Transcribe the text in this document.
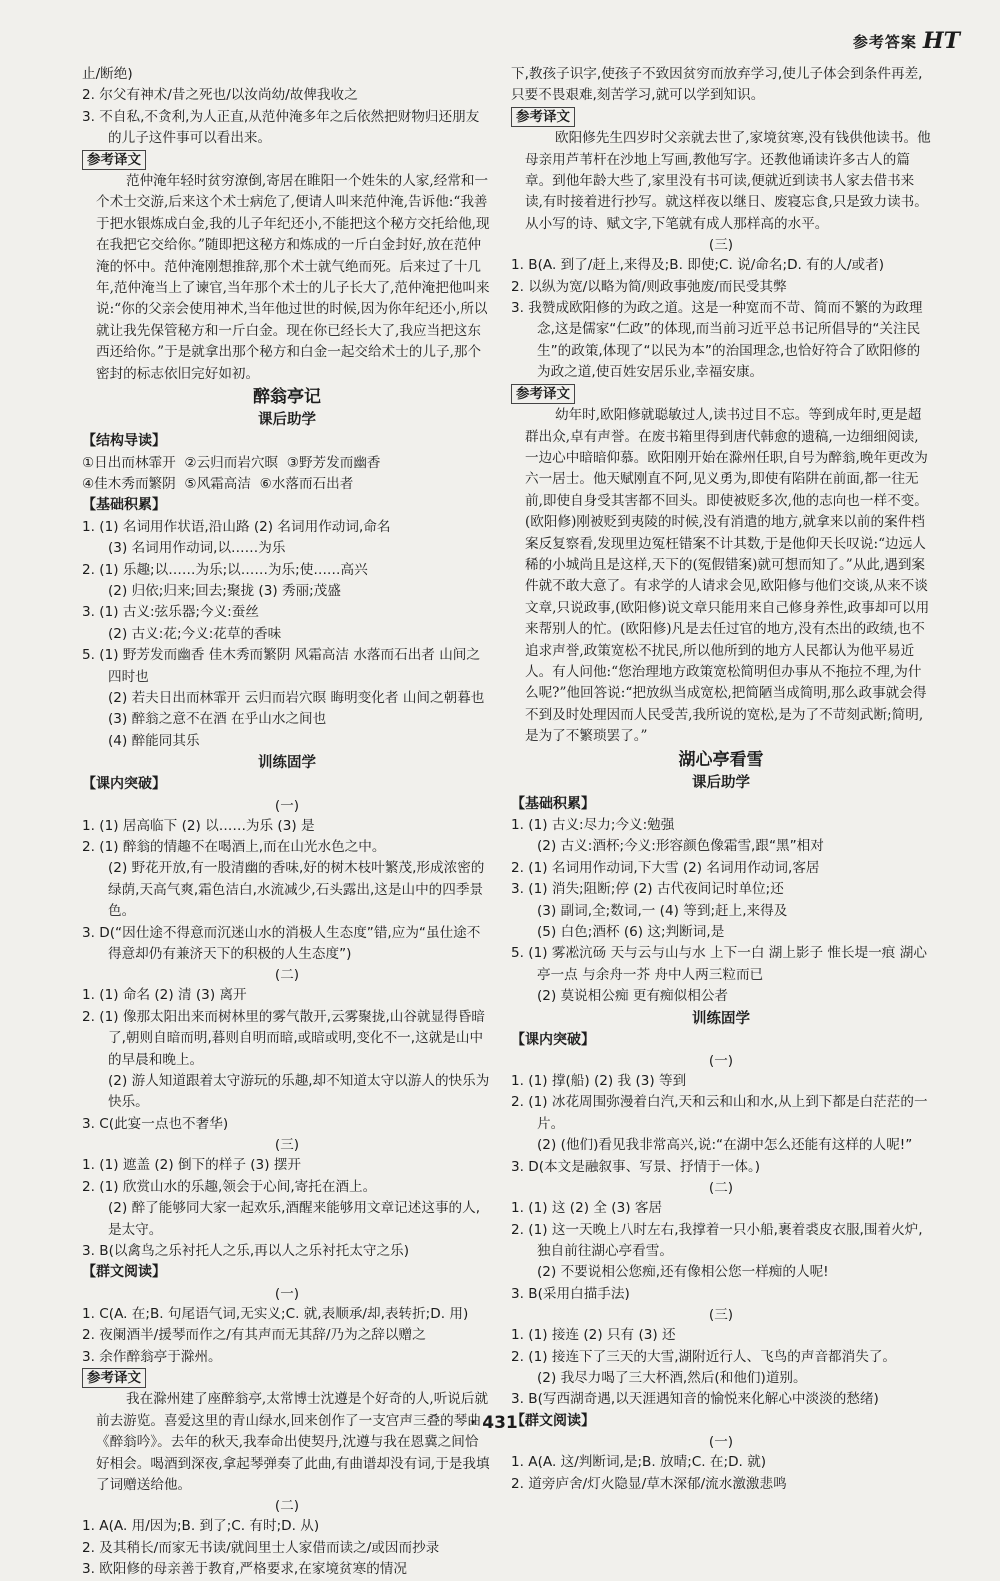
参考答案 HT

止/断绝)

2. 尔父有神术/昔之死也/以汝尚幼/故俾我收之

3. 不自私,不贪利,为人正直,从范仲淹多年之后依然把财物归还朋友的儿子这件事可以看出来。

参考译文

范仲淹年轻时贫穷潦倒,寄居在睢阳一个姓朱的人家,经常和一个术士交游,后来这个术士病危了,便请人叫来范仲淹,告诉他:“我善于把水银炼成白金,我的儿子年纪还小,不能把这个秘方交托给他,现在我把它交给你。”随即把这秘方和炼成的一斤白金封好,放在范仲淹的怀中。范仲淹刚想推辞,那个术士就气绝而死。后来过了十几年,范仲淹当上了谏官,当年那个术士的儿子长大了,范仲淹把他叫来说:“你的父亲会使用神术,当年他过世的时候,因为你年纪还小,所以就让我先保管秘方和一斤白金。现在你已经长大了,我应当把这东西还给你。”于是就拿出那个秘方和白金一起交给术士的儿子,那个密封的标志依旧完好如初。

醉翁亭记

课后助学

【结构导读】

①日出而林霏开  ②云归而岩穴暝  ③野芳发而幽香

④佳木秀而繁阴  ⑤风霜高洁  ⑥水落而石出者

【基础积累】

1. (1) 名词用作状语,沿山路 (2) 名词用作动词,命名

(3) 名词用作动词,以……为乐

2. (1) 乐趣;以……为乐;以……为乐;使……高兴

(2) 归依;归来;回去;聚拢 (3) 秀丽;茂盛

3. (1) 古义:弦乐器;今义:蚕丝

(2) 古义:花;今义:花草的香味

5. (1) 野芳发而幽香 佳木秀而繁阴 风霜高洁 水落而石出者 山间之四时也

(2) 若夫日出而林霏开 云归而岩穴暝 晦明变化者 山间之朝暮也

(3) 醉翁之意不在酒 在乎山水之间也

(4) 醉能同其乐

训练固学

【课内突破】

(一)

1. (1) 居高临下 (2) 以……为乐 (3) 是

2. (1) 醉翁的情趣不在喝酒上,而在山光水色之中。

(2) 野花开放,有一股清幽的香味,好的树木枝叶繁茂,形成浓密的绿荫,天高气爽,霜色洁白,水流减少,石头露出,这是山中的四季景色。

3. D(“因仕途不得意而沉迷山水的消极人生态度”错,应为“虽仕途不得意却仍有兼济天下的积极的人生态度”)

(二)

1. (1) 命名 (2) 清 (3) 离开

2. (1) 像那太阳出来而树林里的雾气散开,云雾聚拢,山谷就显得昏暗了,朝则自暗而明,暮则自明而暗,或暗或明,变化不一,这就是山中的早晨和晚上。

(2) 游人知道跟着太守游玩的乐趣,却不知道太守以游人的快乐为快乐。

3. C(此宴一点也不奢华)

(三)

1. (1) 遮盖 (2) 倒下的样子 (3) 摆开

2. (1) 欣赏山水的乐趣,领会于心间,寄托在酒上。

(2) 醉了能够同大家一起欢乐,酒醒来能够用文章记述这事的人,是太守。

3. B(以禽鸟之乐衬托人之乐,再以人之乐衬托太守之乐)

【群文阅读】

(一)

1. C(A. 在;B. 句尾语气词,无实义;C. 就,表顺承/却,表转折;D. 用)

2. 夜阑酒半/援琴而作之/有其声而无其辞/乃为之辞以赠之

3. 余作醉翁亭于滁州。

参考译文

我在滁州建了座醉翁亭,太常博士沈遵是个好奇的人,听说后就前去游览。喜爱这里的青山绿水,回来创作了一支宫声三叠的琴曲《醉翁吟》。去年的秋天,我奉命出使契丹,沈遵与我在恩冀之间恰好相会。喝酒到深夜,拿起琴弹奏了此曲,有曲谱却没有词,于是我填了词赠送给他。

(二)

1. A(A. 用/因为;B. 到了;C. 有时;D. 从)

2. 及其稍长/而家无书读/就闾里士人家借而读之/或因而抄录

3. 欧阳修的母亲善于教育,严格要求,在家境贫寒的情况

下,教孩子识字,使孩子不致因贫穷而放弃学习,使儿子体会到条件再差,只要不畏艰难,刻苦学习,就可以学到知识。

参考译文

欧阳修先生四岁时父亲就去世了,家境贫寒,没有钱供他读书。他母亲用芦苇杆在沙地上写画,教他写字。还教他诵读许多古人的篇章。到他年龄大些了,家里没有书可读,便就近到读书人家去借书来读,有时接着进行抄写。就这样夜以继日、废寝忘食,只是致力读书。从小写的诗、赋文字,下笔就有成人那样高的水平。

(三)

1. B(A. 到了/赶上,来得及;B. 即使;C. 说/命名;D. 有的人/或者)

2. 以纵为宽/以略为简/则政事弛废/而民受其弊

3. 我赞成欧阳修的为政之道。这是一种宽而不苛、简而不繁的为政理念,这是儒家“仁政”的体现,而当前习近平总书记所倡导的“关注民生”的政策,体现了“以民为本”的治国理念,也恰好符合了欧阳修的为政之道,使百姓安居乐业,幸福安康。

参考译文

幼年时,欧阳修就聪敏过人,读书过目不忘。等到成年时,更是超群出众,卓有声誉。在废书箱里得到唐代韩愈的遗稿,一边细细阅读,一边心中暗暗仰慕。欧阳刚开始在滁州任职,自号为醉翁,晚年更改为六一居士。他天赋刚直不阿,见义勇为,即使有陷阱在前面,都一往无前,即使自身受其害都不回头。即使被贬多次,他的志向也一样不变。(欧阳修)刚被贬到夷陵的时候,没有消遣的地方,就拿来以前的案件档案反复察看,发现里边冤枉错案不计其数,于是他仰天长叹说:“边远人稀的小城尚且是这样,天下的(冤假错案)就可想而知了。”从此,遇到案件就不敢大意了。有求学的人请求会见,欧阳修与他们交谈,从来不谈文章,只说政事,(欧阳修)说文章只能用来自己修身养性,政事却可以用来帮别人的忙。(欧阳修)凡是去任过官的地方,没有杰出的政绩,也不追求声誉,政策宽松不扰民,所以他所到的地方人民都认为他平易近人。有人问他:“您治理地方政策宽松简明但办事从不拖拉不理,为什么呢?”他回答说:“把放纵当成宽松,把简陋当成简明,那么政事就会得不到及时处理因而人民受苦,我所说的宽松,是为了不苛刻武断;简明,是为了不繁琐罢了。”

湖心亭看雪

课后助学

【基础积累】

1. (1) 古义:尽力;今义:勉强

(2) 古义:酒杯;今义:形容颜色像霜雪,跟“黑”相对

2. (1) 名词用作动词,下大雪 (2) 名词用作动词,客居

3. (1) 消失;阻断;停 (2) 古代夜间记时单位;还

(3) 副词,全;数词,一 (4) 等到;赶上,来得及

(5) 白色;酒杯 (6) 这;判断词,是

5. (1) 雾凇沆砀 天与云与山与水 上下一白 湖上影子 惟长堤一痕 湖心亭一点 与余舟一芥 舟中人两三粒而已

(2) 莫说相公痴 更有痴似相公者

训练固学

【课内突破】

(一)

1. (1) 撑(船) (2) 我 (3) 等到

2. (1) 冰花周围弥漫着白汽,天和云和山和水,从上到下都是白茫茫的一片。

(2) (他们)看见我非常高兴,说:“在湖中怎么还能有这样的人呢!”

3. D(本文是融叙事、写景、抒情于一体。)

(二)

1. (1) 这 (2) 全 (3) 客居

2. (1) 这一天晚上八时左右,我撑着一只小船,裹着裘皮衣服,围着火炉,独自前往湖心亭看雪。

(2) 不要说相公您痴,还有像相公您一样痴的人呢!

3. B(采用白描手法)

(三)

1. (1) 接连 (2) 只有 (3) 还

2. (1) 接连下了三天的大雪,湖附近行人、飞鸟的声音都消失了。

(2) 我尽力喝了三大杯酒,然后(和他们)道别。

3. B(写西湖奇遇,以天涯遇知音的愉悦来化解心中淡淡的愁绪)

【群文阅读】

(一)

1. A(A. 这/判断词,是;B. 放晴;C. 在;D. 就)

2. 道旁庐舍/灯火隐显/草木深郁/流水激激悲鸣

· 431 ·
